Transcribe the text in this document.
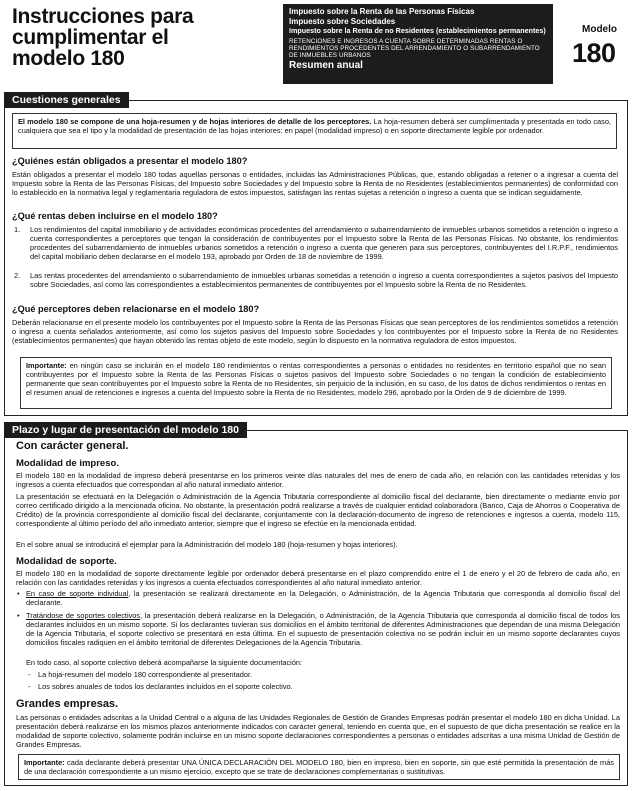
Instrucciones para
cumplimentar el
modelo 180
Impuesto sobre la Renta de las Personas Físicas
Impuesto sobre Sociedades
Impuesto sobre la Renta de no Residentes (establecimientos permanentes)
RETENCIONES E INGRESOS A CUENTA SOBRE DETERMINADAS RENTAS O RENDIMIENTOS PROCEDENTES DEL ARRENDAMIENTO O SUBARRENDAMIENTO DE INMUEBLES URBANOS
Resumen anual
Modelo
180
Cuestiones generales
El modelo 180 se compone de una hoja-resumen y de hojas interiores de detalle de los perceptores. La hoja-resumen deberá ser cumplimentada y presentada en todo caso, cualquiera que sea el tipo y la modalidad de presentación de las hojas interiores: en papel (modalidad impreso) o en soporte directamente legible por ordenador.
¿Quiénes están obligados a presentar el modelo 180?
Están obligados a presentar el modelo 180 todas aquellas personas o entidades, incluidas las Administraciones Públicas, que, estando obligadas a retener o a ingresar a cuenta del Impuesto sobre la Renta de las Personas Físicas, del Impuesto sobre Sociedades y del Impuesto sobre la Renta de no Residentes (establecimientos permanentes) de conformidad con lo establecido en la normativa legal y reglamentaria reguladora de estos impuestos, satisfagan las rentas sujetas a retención o ingreso a cuenta que se indican seguidamente.
¿Qué rentas deben incluirse en el modelo 180?
1. Los rendimientos del capital inmobiliario y de actividades económicas procedentes del arrendamiento o subarrendamiento de inmuebles urbanos sometidos a retención o ingreso a cuenta correspondientes a perceptores que tengan la consideración de contribuyentes por el Impuesto sobre la Renta de las Personas Físicas. No obstante, los rendimientos procedentes del subarrendamiento de inmuebles urbanos sometidos a retención o ingreso a cuenta que generen para sus perceptores, contribuyentes del I.R.P.F., rendimientos del capital mobiliario deben declararse en el modelo 193, aprobado por Orden de 18 de noviembre de 1999.
2. Las rentas procedentes del arrendamiento o subarrendamiento de inmuebles urbanas sometidas a retención o ingreso a cuenta correspondientes a sujetos pasivos del Impuesto sobre Sociedades, así como las correspondientes a establecimientos permanentes de contribuyentes por el Impuesto sobre la Renta de no Residentes.
¿Qué perceptores deben relacionarse en el modelo 180?
Deberán relacionarse en el presente modelo los contribuyentes por el Impuesto sobre la Renta de las Personas Físicas que sean perceptores de los rendimientos sometidos a retención o ingreso a cuenta señalados anteriormente, así como los sujetos pasivos del Impuesto sobre Sociedades y los contribuyentes por el Impuesto sobre la Renta de no Residentes (establecimientos permanentes) que hayan obtenido las rentas objeto de este modelo, según lo dispuesto en la normativa reguladora de estos impuestos.
Importante: en ningún caso se incluirán en el modelo 180 rendimientos o rentas correspondientes a personas o entidades no residentes en territorio español que no sean contribuyentes por el Impuesto sobre la Renta de las Personas Físicas o sujetos pasivos del Impuesto sobre Sociedades o no tengan la condición de establecimiento permanente que sean contribuyentes por el Impuesto sobre la Renta de no Residentes, sin perjuicio de la inclusión, en su caso, de los datos de dichos rendimientos o rentas en el resumen anual de retenciones e ingresos a cuenta del Impuesto sobre la Renta de no Residentes, modelo 296, aprobado por la Orden de 9 de diciembre de 1999.
Plazo y lugar de presentación del modelo 180
Con carácter general.
Modalidad de impreso.
El modelo 180 en la modalidad de impreso deberá presentarse en los primeros veinte días naturales del mes de enero de cada año, en relación con las cantidades retenidas y los ingresos a cuenta efectuados que correspondan al año natural inmediato anterior.
La presentación se efectuará en la Delegación o Administración de la Agencia Tributaria correspondiente al domicilio fiscal del declarante, bien directamente o mediante envío por correo certificado dirigido a la mencionada oficina. No obstante, la presentación podrá realizarse a través de cualquier entidad colaboradora (Banco, Caja de Ahorros o Cooperativa de Crédito) de la provincia correspondiente al domicilio fiscal del declarante, conjuntamente con la declaración-documento de ingreso de retenciones e ingresos a cuenta, modelo 115, correspondiente al último período del año inmediato anterior, siempre que el ingreso se efectúe en la mencionada entidad.
En el sobre anual se introducirá el ejemplar para la Administración del modelo 180 (hoja-resumen y hojas interiores).
Modalidad de soporte.
El modelo 180 en la modalidad de soporte directamente legible por ordenador deberá presentarse en el plazo comprendido entre el 1 de enero y el 20 de febrero de cada año, en relación con las cantidades retenidas y los ingresos a cuenta efectuados correspondientes al año natural inmediato anterior.
• En caso de soporte individual, la presentación se realizará directamente en la Delegación, o Administración, de la Agencia Tributaria que corresponda al domicilio fiscal del declarante.
• Tratándose de soportes colectivos, la presentación deberá realizarse en la Delegación, o Administración, de la Agencia Tributaria que corresponda al domicilio fiscal de todos los declarantes incluidos en un mismo soporte. Si los declarantes tuvieran sus domicilios en el ámbito territorial de diferentes Administraciones que dependan de una misma Delegación de la Agencia Tributaria, el soporte colectivo se presentará en esta última. En el supuesto de presentación colectiva no se podrán incluir en un mismo soporte declarantes cuyos domicilios fiscales radiquen en el ámbito territorial de diferentes Delegaciones de la Agencia Tributaria.
En todo caso, al soporte colectivo deberá acompañarse la siguiente documentación:
- La hoja-resumen del modelo 180 correspondiente al presentador.
- Los sobres anuales de todos los declarantes incluidos en el soporte colectivo.
Grandes empresas.
Las personas o entidades adscritas a la Unidad Central o a alguna de las Unidades Regionales de Gestión de Grandes Empresas podrán presentar el modelo 180 en dicha Unidad. La presentación deberá realizarse en los mismos plazos anteriormente indicados con carácter general, teniendo en cuenta que, en el supuesto de que dicha presentación se realice en la modalidad de soporte colectivo, solamente podrán incluirse en un mismo soporte declaraciones correspondientes a personas o entidades adscritas a una misma Unidad de Gestión de Grandes Empresas.
Importante: cada declarante deberá presentar UNA ÚNICA DECLARACIÓN DEL MODELO 180, bien en impreso, bien en soporte, sin que esté permitida la presentación de más de una declaración correspondiente a un mismo ejercicio, excepto que se trate de declaraciones complementarias o sustitutivas.
